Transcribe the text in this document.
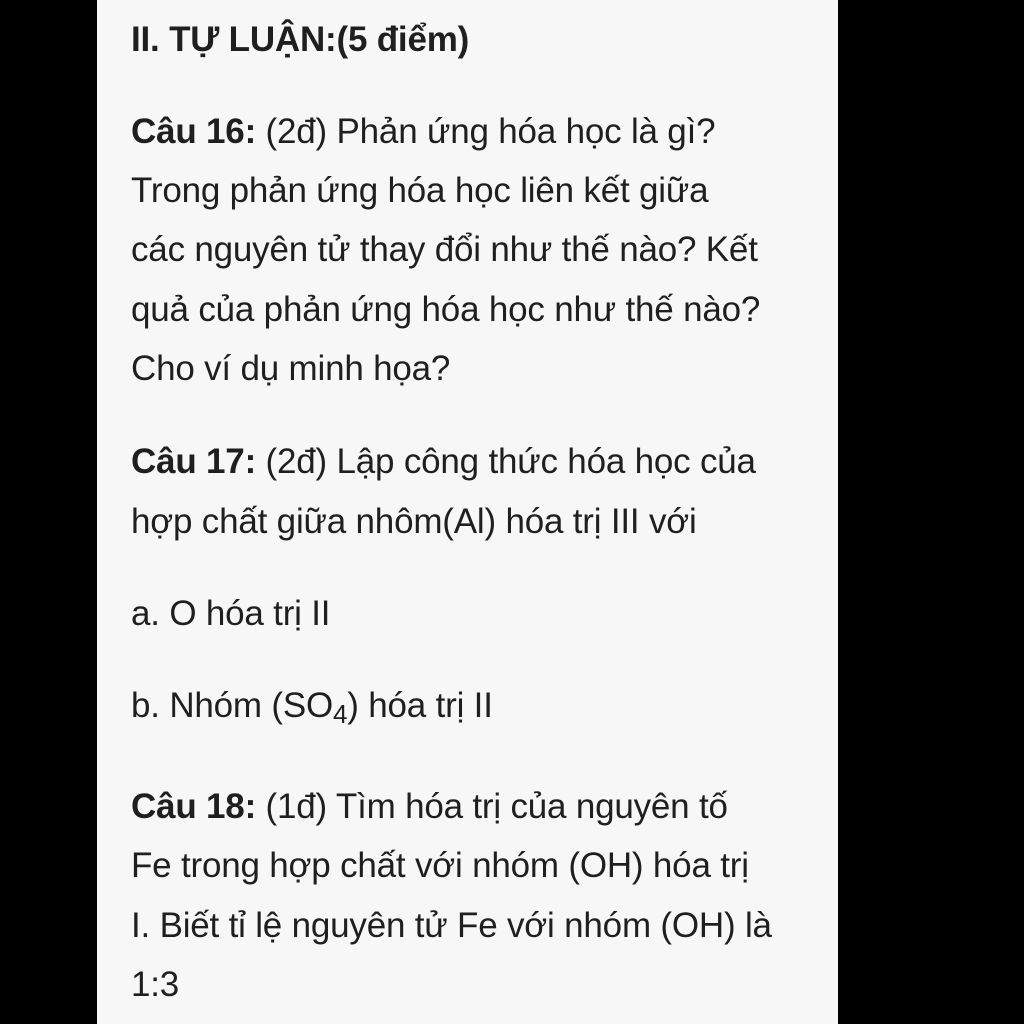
II. TỰ LUẬN:(5 điểm)
Câu 16: (2đ) Phản ứng hóa học là gì?
Trong phản ứng hóa học liên kết giữa
các nguyên tử thay đổi như thế nào? Kết
quả của phản ứng hóa học như thế nào?
Cho ví dụ minh họa?
Câu 17: (2đ) Lập công thức hóa học của
hợp chất giữa nhôm(Al) hóa trị III với
a. O hóa trị II
b. Nhóm $(SO_4)$ hóa trị II
Câu 18: (1đ) Tìm hóa trị của nguyên tố
Fe trong hợp chất với nhóm (OH) hóa trị
I. Biết tỉ lệ nguyên tử Fe với nhóm (OH) là
1:3
